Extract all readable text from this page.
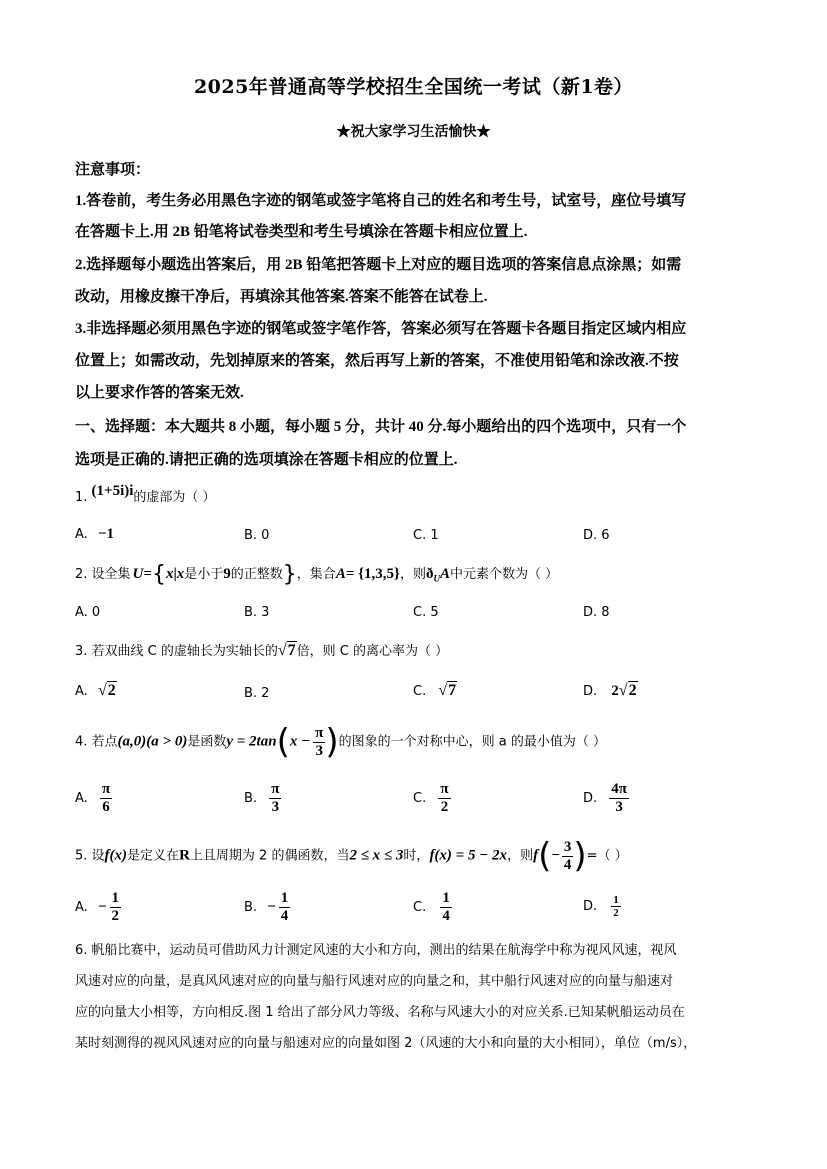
2025年普通高等学校招生全国统一考试（新1卷）
★祝大家学习生活愉快★
注意事项：
1.答卷前，考生务必用黑色字迹的钢笔或签字笔将自己的姓名和考生号，试室号，座位号填写
在答题卡上.用 2B 铅笔将试卷类型和考生号填涂在答题卡相应位置上.
2.选择题每小题选出答案后，用 2B 铅笔把答题卡上对应的题目选项的答案信息点涂黑；如需
改动，用橡皮擦干净后，再填涂其他答案.答案不能答在试卷上.
3.非选择题必须用黑色字迹的钢笔或签字笔作答，答案必须写在答题卡各题目指定区域内相应
位置上；如需改动，先划掉原来的答案，然后再写上新的答案，不准使用铅笔和涂改液.不按
以上要求作答的答案无效.
一、选择题：本大题共 8 小题，每小题 5 分，共计 40 分.每小题给出的四个选项中，只有一个
选项是正确的.请把正确的选项填涂在答题卡相应的位置上.
1. (1+5i)i的虚部为（ ）
A. −1	B. 0	C. 1	D. 6
2. 设全集 U={x|x是小于9的正整数}，集合A= {1,3,5}，则$ð_UA$中元素个数为（ ）
A. 0	B. 3	C. 5	D. 8
3. 若双曲线 C 的虚轴长为实轴长的√7倍，则 C 的离心率为（ ）
A. √2	B. 2	C. √7	D. 2√2
4. 若点(a,0)(a > 0)是函数$y = 2\tan(x - \frac{\pi}{3}$ )的图象的一个对称中心，则 a 的最小值为（ ）
A. $\frac{\pi}{6}$	B. $\frac{\pi}{3}$	C. $\frac{\pi}{2}$	D. $\frac{4\pi}{3}$
5. 设f(x)是定义在R上且周期为 2 的偶函数，当2 ≤ x ≤ 3时，f(x) = 5 − 2x，则$f(- \frac{3}{4}$ )=（ ）
A. − $\frac{1}{2}$	B. − $\frac{1}{4}$	C. $\frac{1}{4}$	D. $\frac{1}{2}$
6. 帆船比赛中，运动员可借助风力计测定风速的大小和方向，测出的结果在航海学中称为视风风速，视风
风速对应的向量，是真风风速对应的向量与船行风速对应的向量之和，其中船行风速对应的向量与船速对
应的向量大小相等，方向相反.图 1 给出了部分风力等级、名称与风速大小的对应关系.已知某帆船运动员在
某时刻测得的视风风速对应的向量与船速对应的向量如图 2（风速的大小和向量的大小相同），单位（m/s），
